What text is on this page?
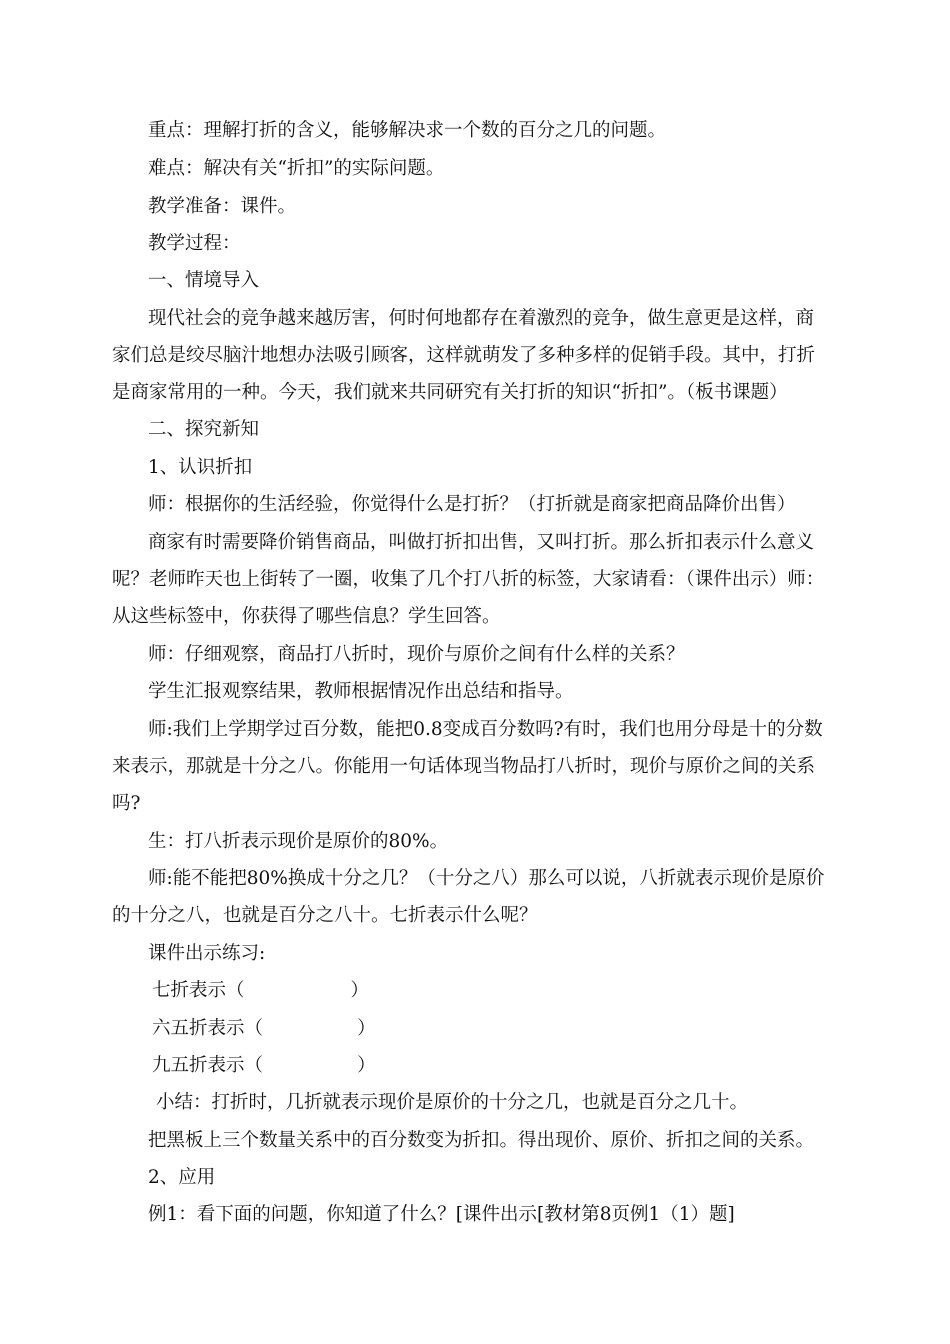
重点：理解打折的含义，能够解决求一个数的百分之几的问题。
难点：解决有关“折扣”的实际问题。
教学准备：课件。
教学过程：
一、情境导入
现代社会的竞争越来越厉害，何时何地都存在着激烈的竞争，做生意更是这样，商
家们总是绞尽脑汁地想办法吸引顾客，这样就萌发了多种多样的促销手段。其中，打折
是商家常用的一种。今天，我们就来共同研究有关打折的知识“折扣”。（板书课题）
二、探究新知
1、认识折扣
师：根据你的生活经验，你觉得什么是打折？（打折就是商家把商品降价出售）
商家有时需要降价销售商品，叫做打折扣出售，又叫打折。那么折扣表示什么意义
呢？老师昨天也上街转了一圈，收集了几个打八折的标签，大家请看：（课件出示）师：
从这些标签中，你获得了哪些信息？学生回答。
师：仔细观察，商品打八折时，现价与原价之间有什么样的关系？
学生汇报观察结果，教师根据情况作出总结和指导。
师:我们上学期学过百分数，能把0.8变成百分数吗?有时，我们也用分母是十的分数
来表示，那就是十分之八。你能用一句话体现当物品打八折时，现价与原价之间的关系
吗?
生：打八折表示现价是原价的80%。
师:能不能把80%换成十分之几？（十分之八）那么可以说，八折就表示现价是原价
的十分之八，也就是百分之八十。七折表示什么呢？
课件出示练习:
七折表示（                  ）
六五折表示（                ）
九五折表示（                ）
小结：打折时，几折就表示现价是原价的十分之几，也就是百分之几十。
把黑板上三个数量关系中的百分数变为折扣。得出现价、原价、折扣之间的关系。
2、应用
例1：看下面的问题，你知道了什么？[课件出示[教材第8页例1（1）题]
